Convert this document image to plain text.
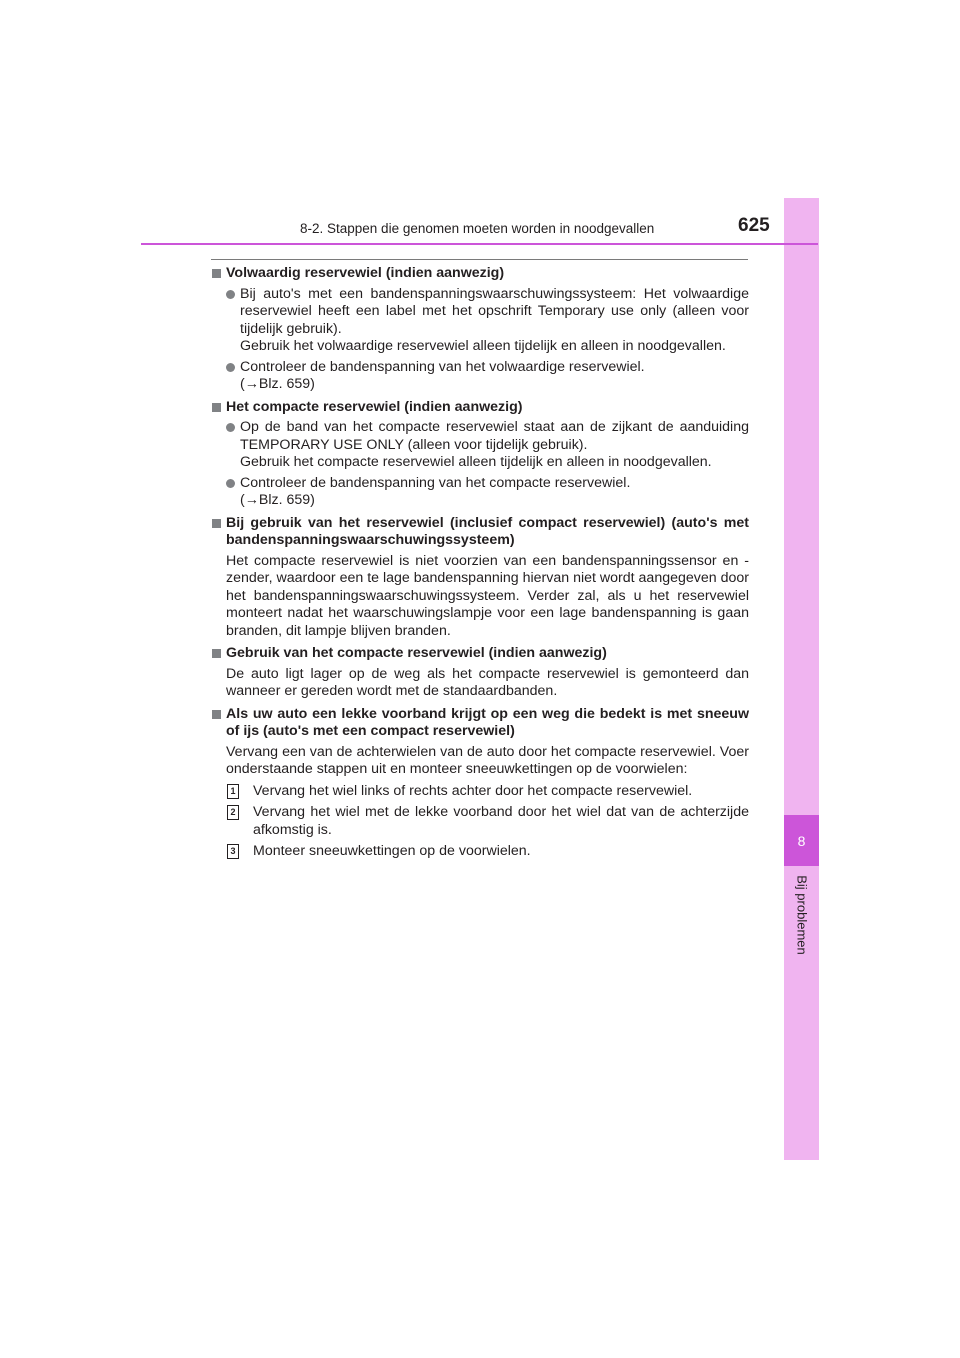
8
Bij problemen
8-2. Stappen die genomen moeten worden in noodgevallen	625
Volwaardig reservewiel (indien aanwezig)
Bij auto's met een bandenspanningswaarschuwingssysteem: Het volwaardige reservewiel heeft een label met het opschrift Temporary use only (alleen voor tijdelijk gebruik).
Gebruik het volwaardige reservewiel alleen tijdelijk en alleen in noodgevallen.
Controleer de bandenspanning van het volwaardige reservewiel.
(→Blz. 659)
Het compacte reservewiel (indien aanwezig)
Op de band van het compacte reservewiel staat aan de zijkant de aanduiding TEMPORARY USE ONLY (alleen voor tijdelijk gebruik).
Gebruik het compacte reservewiel alleen tijdelijk en alleen in noodgevallen.
Controleer de bandenspanning van het compacte reservewiel.
(→Blz. 659)
Bij gebruik van het reservewiel (inclusief compact reservewiel) (auto's met bandenspanningswaarschuwingssysteem)
Het compacte reservewiel is niet voorzien van een bandenspanningssensor en -zender, waardoor een te lage bandenspanning hiervan niet wordt aangegeven door het bandenspanningswaarschuwingssysteem. Verder zal, als u het reservewiel monteert nadat het waarschuwingslampje voor een lage bandenspanning is gaan branden, dit lampje blijven branden.
Gebruik van het compacte reservewiel (indien aanwezig)
De auto ligt lager op de weg als het compacte reservewiel is gemonteerd dan wanneer er gereden wordt met de standaardbanden.
Als uw auto een lekke voorband krijgt op een weg die bedekt is met sneeuw of ijs (auto's met een compact reservewiel)
Vervang een van de achterwielen van de auto door het compacte reservewiel. Voer onderstaande stappen uit en monteer sneeuwkettingen op de voorwielen:
1 Vervang het wiel links of rechts achter door het compacte reservewiel.
2 Vervang het wiel met de lekke voorband door het wiel dat van de achterzijde afkomstig is.
3 Monteer sneeuwkettingen op de voorwielen.
